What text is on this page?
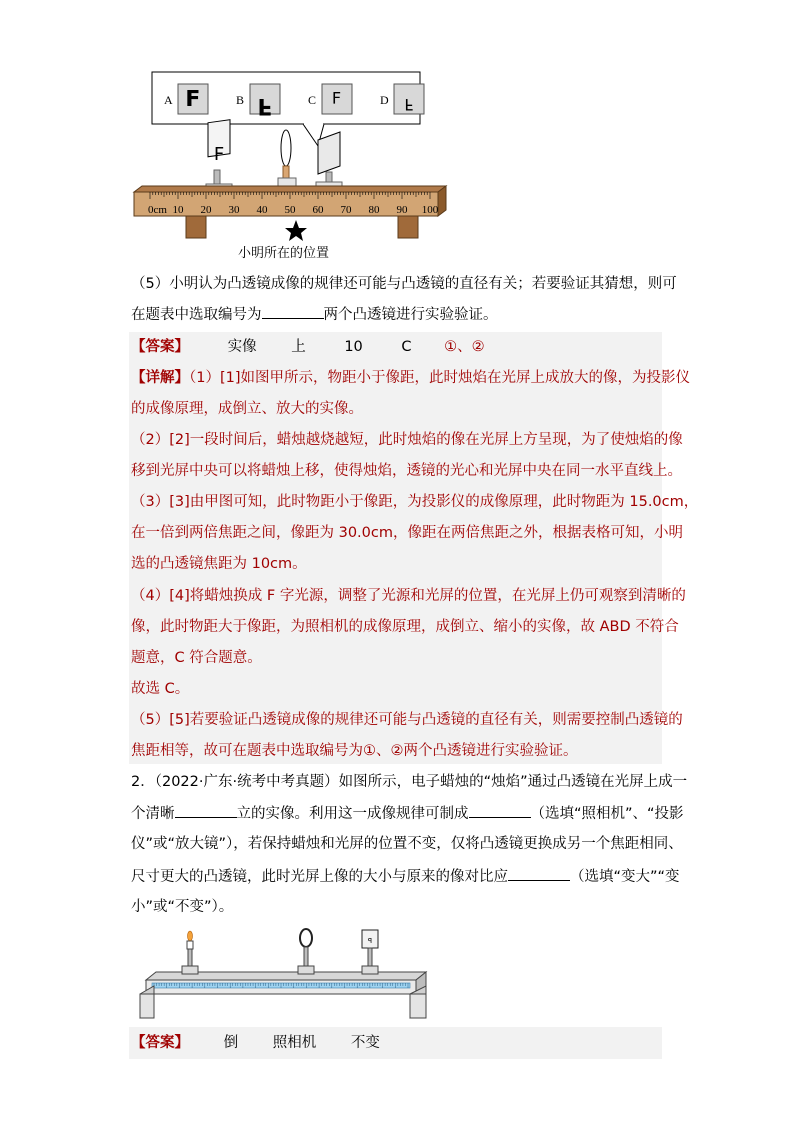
A Ⅎ	B F	C Ⅎ	D F
F
0cm 10 20 30 40 50 60 70 80 90 100
小明所在的位置
（5）小明认为凸透镜成像的规律还可能与凸透镜的直径有关；若要验证其猜想，则可
在题表中选取编号为	两个凸透镜进行实验验证。
【答案】	实像 上	10	C ①、②
【详解】（1）[1]如图甲所示，物距小于像距，此时烛焰在光屏上成放大的像，为投影仪
的成像原理，成倒立、放大的实像。
（2）[2]一段时间后，蜡烛越烧越短，此时烛焰的像在光屏上方呈现，为了使烛焰的像
移到光屏中央可以将蜡烛上移，使得烛焰，透镜的光心和光屏中央在同一水平直线上。
（3）[3]由甲图可知，此时物距小于像距，为投影仪的成像原理，此时物距为 15.0cm，
在一倍到两倍焦距之间，像距为 30.0cm，像距在两倍焦距之外，根据表格可知，小明
选的凸透镜焦距为 10cm。
（4）[4]将蜡烛换成 F 字光源，调整了光源和光屏的位置，在光屏上仍可观察到清晰的
像，此时物距大于像距，为照相机的成像原理，成倒立、缩小的实像，故 ABD 不符合
题意，C 符合题意。
故选 C。
（5）[5]若要验证凸透镜成像的规律还可能与凸透镜的直径有关，则需要控制凸透镜的
焦距相等，故可在题表中选取编号为①、②两个凸透镜进行实验验证。
2．（2022·广东·统考中考真题）如图所示，电子蜡烛的“烛焰”通过凸透镜在光屏上成一
个清晰	立的实像。利用这一成像规律可制成	（选填“照相机”、“投影
仪”或“放大镜”），若保持蜡烛和光屏的位置不变，仅将凸透镜更换成另一个焦距相同、
尺寸更大的凸透镜，此时光屏上像的大小与原来的像对比应	（选填“变大”“变
小”或“不变”）。
ꟼ
【答案】 倒 照相机 不变
